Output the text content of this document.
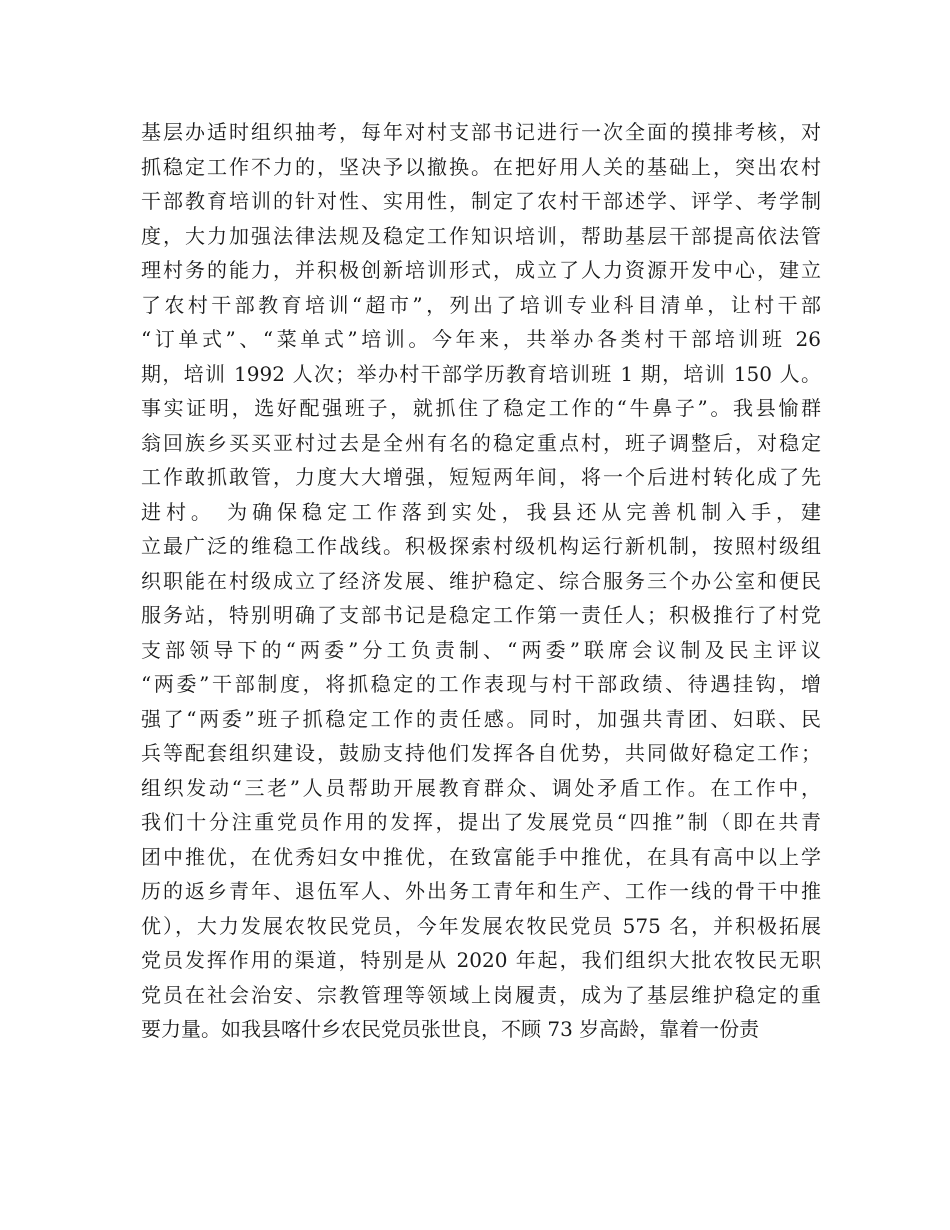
基层办适时组织抽考，每年对村支部书记进行一次全面的摸排考核，对
抓稳定工作不力的，坚决予以撤换。在把好用人关的基础上，突出农村
干部教育培训的针对性、实用性，制定了农村干部述学、评学、考学制
度，大力加强法律法规及稳定工作知识培训，帮助基层干部提高依法管
理村务的能力，并积极创新培训形式，成立了人力资源开发中心，建立
了农村干部教育培训“超市”，列出了培训专业科目清单，让村干部
“订单式”、“菜单式”培训。今年来，共举办各类村干部培训班 26
期，培训 1992 人次；举办村干部学历教育培训班 1 期，培训 150 人。
事实证明，选好配强班子，就抓住了稳定工作的“牛鼻子”。我县愉群
翁回族乡买买亚村过去是全州有名的稳定重点村，班子调整后，对稳定
工作敢抓敢管，力度大大增强，短短两年间，将一个后进村转化成了先
进村。 为确保稳定工作落到实处，我县还从完善机制入手，建
立最广泛的维稳工作战线。积极探索村级机构运行新机制，按照村级组
织职能在村级成立了经济发展、维护稳定、综合服务三个办公室和便民
服务站，特别明确了支部书记是稳定工作第一责任人；积极推行了村党
支部领导下的“两委”分工负责制、“两委”联席会议制及民主评议
“两委”干部制度，将抓稳定的工作表现与村干部政绩、待遇挂钩，增
强了“两委”班子抓稳定工作的责任感。同时，加强共青团、妇联、民
兵等配套组织建设，鼓励支持他们发挥各自优势，共同做好稳定工作；
组织发动“三老”人员帮助开展教育群众、调处矛盾工作。在工作中，
我们十分注重党员作用的发挥，提出了发展党员“四推”制（即在共青
团中推优，在优秀妇女中推优，在致富能手中推优，在具有高中以上学
历的返乡青年、退伍军人、外出务工青年和生产、工作一线的骨干中推
优），大力发展农牧民党员，今年发展农牧民党员 575 名，并积极拓展
党员发挥作用的渠道，特别是从 2020 年起，我们组织大批农牧民无职
党员在社会治安、宗教管理等领域上岗履责，成为了基层维护稳定的重
要力量。如我县喀什乡农民党员张世良，不顾 73 岁高龄，靠着一份责
